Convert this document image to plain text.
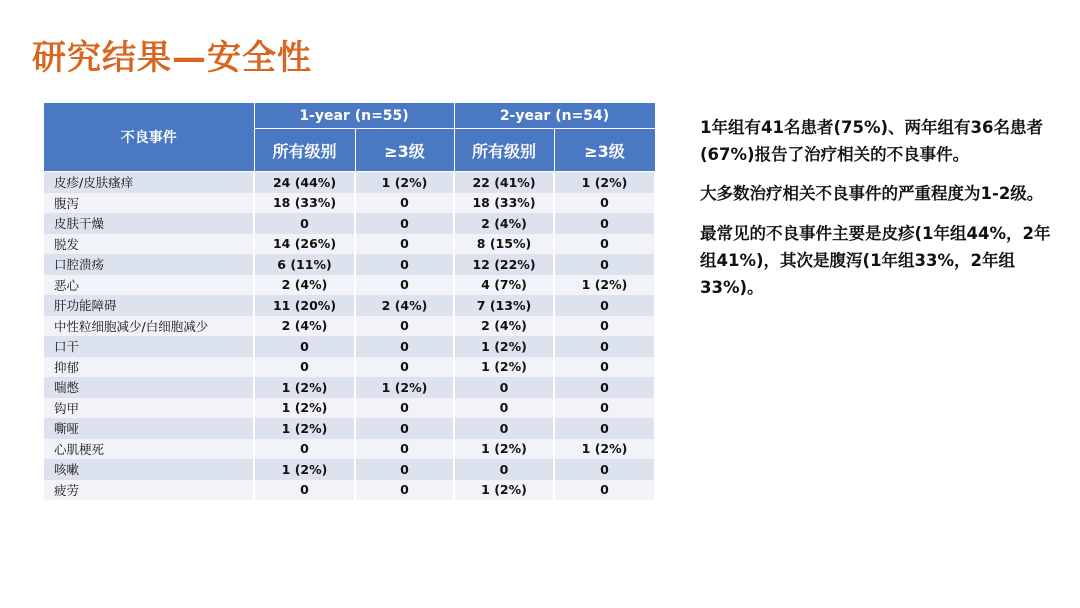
研究结果—安全性
不良事件	1-year (n=55)		2-year (n=54)	
	所有级别	≥3级	所有级别	≥3级
皮疹/皮肤瘙痒	24 (44%)	1 (2%)	22 (41%)	1 (2%)
腹泻	18 (33%)	0	18 (33%)	0
皮肤干燥	0	0	2 (4%)	0
脱发	14 (26%)	0	8 (15%)	0
口腔溃疡	6 (11%)	0	12 (22%)	0
恶心	2 (4%)	0	4 (7%)	1 (2%)
肝功能障碍	11 (20%)	2 (4%)	7 (13%)	0
中性粒细胞减少/白细胞减少	2 (4%)	0	2 (4%)	0
口干	0	0	1 (2%)	0
抑郁	0	0	1 (2%)	0
喘憋	1 (2%)	1 (2%)	0	0
钩甲	1 (2%)	0	0	0
嘶哑	1 (2%)	0	0	0
心肌梗死	0	0	1 (2%)	1 (2%)
咳嗽	1 (2%)	0	0	0
疲劳	0	0	1 (2%)	0

1年组有41名患者(75%)、两年组有36名患者(67%)报告了治疗相关的不良事件。

大多数治疗相关不良事件的严重程度为1-2级。

最常见的不良事件主要是皮疹(1年组44%，2年组41%)，其次是腹泻(1年组33%，2年组33%)。
